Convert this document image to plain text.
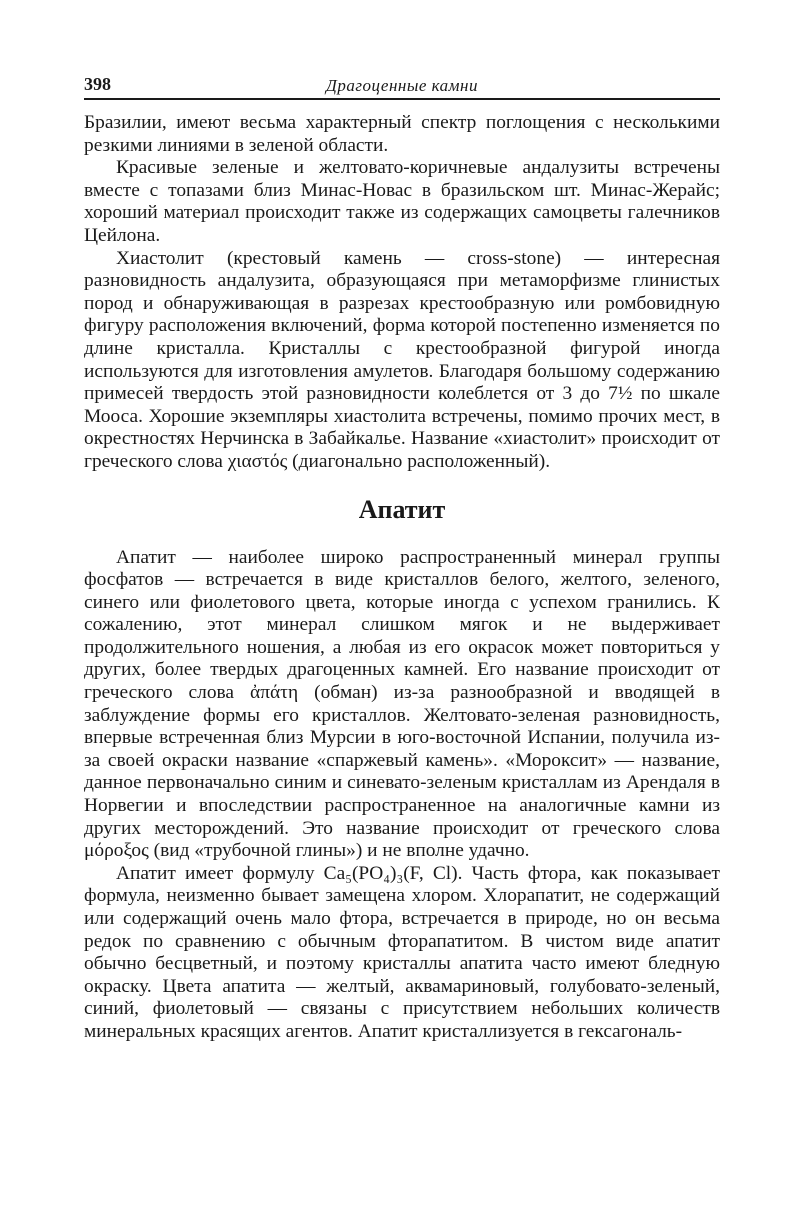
398	Драгоценные камни

Бразилии, имеют весьма характерный спектр поглощения с несколькими резкими линиями в зеленой области.

Красивые зеленые и желтовато-коричневые андалузиты встречены вместе с топазами близ Минас-Новас в бразильском шт. Минас-Жерайс; хороший материал происходит также из содержащих самоцветы галечников Цейлона.

Хиастолит (крестовый камень — cross-stone) — интересная разновидность андалузита, образующаяся при метаморфизме глинистых пород и обнаруживающая в разрезах крестообразную или ромбовидную фигуру расположения включений, форма которой постепенно изменяется по длине кристалла. Кристаллы с крестообразной фигурой иногда используются для изготовления амулетов. Благодаря большому содержанию примесей твердость этой разновидности колеблется от 3 до 7½ по шкале Мооса. Хорошие экземпляры хиастолита встречены, помимо прочих мест, в окрестностях Нерчинска в Забайкалье. Название «хиастолит» происходит от греческого слова χιαστός (диагонально расположенный).

Апатит

Апатит — наиболее широко распространенный минерал группы фосфатов — встречается в виде кристаллов белого, желтого, зеленого, синего или фиолетового цвета, которые иногда с успехом гранились. К сожалению, этот минерал слишком мягок и не выдерживает продолжительного ношения, а любая из его окрасок может повториться у других, более твердых драгоценных камней. Его название происходит от греческого слова ἀπάτη (обман) из-за разнообразной и вводящей в заблуждение формы его кристаллов. Желтовато-зеленая разновидность, впервые встреченная близ Мурсии в юго-восточной Испании, получила из-за своей окраски название «спаржевый камень». «Мороксит» — название, данное первоначально синим и синевато-зеленым кристаллам из Арендаля в Норвегии и впоследствии распространенное на аналогичные камни из других месторождений. Это название происходит от греческого слова μόροξος (вид «трубочной глины») и не вполне удачно.

Апатит имеет формулу Ca₅(PO₄)₃(F, Cl). Часть фтора, как показывает формула, неизменно бывает замещена хлором. Хлорапатит, не содержащий или содержащий очень мало фтора, встречается в природе, но он весьма редок по сравнению с обычным фторапатитом. В чистом виде апатит обычно бесцветный, и поэтому кристаллы апатита часто имеют бледную окраску. Цвета апатита — желтый, аквамариновый, голубовато-зеленый, синий, фиолетовый — связаны с присутствием небольших количеств минеральных красящих агентов. Апатит кристаллизуется в гексагональ-
